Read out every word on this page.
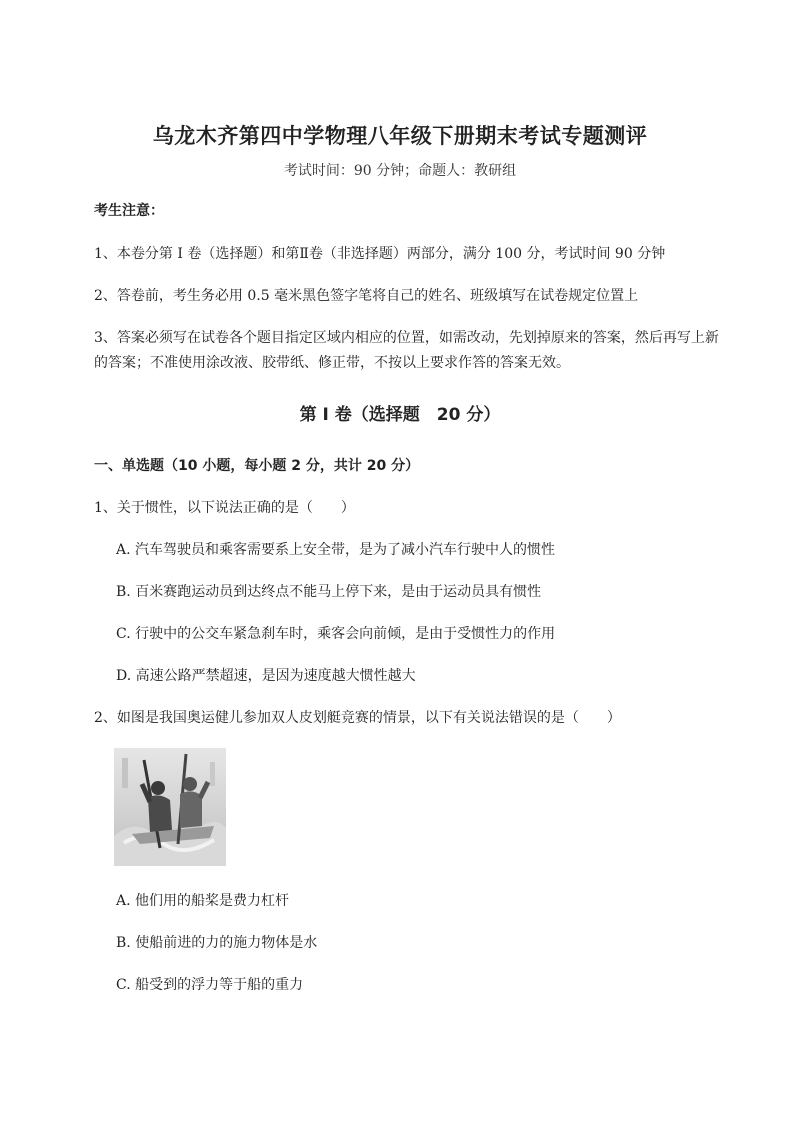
乌龙木齐第四中学物理八年级下册期末考试专题测评
考试时间：90 分钟；命题人：教研组
考生注意：
1、本卷分第 I 卷（选择题）和第Ⅱ卷（非选择题）两部分，满分 100 分，考试时间 90 分钟
2、答卷前，考生务必用 0.5 毫米黑色签字笔将自己的姓名、班级填写在试卷规定位置上
3、答案必须写在试卷各个题目指定区域内相应的位置，如需改动，先划掉原来的答案，然后再写上新
的答案；不准使用涂改液、胶带纸、修正带，不按以上要求作答的答案无效。
第 I 卷（选择题　20 分）
一、单选题（10 小题，每小题 2 分，共计 20 分）
1、关于惯性，以下说法正确的是（　　）
A. 汽车驾驶员和乘客需要系上安全带，是为了减小汽车行驶中人的惯性
B. 百米赛跑运动员到达终点不能马上停下来，是由于运动员具有惯性
C. 行驶中的公交车紧急刹车时，乘客会向前倾，是由于受惯性力的作用
D. 高速公路严禁超速，是因为速度越大惯性越大
2、如图是我国奥运健儿参加双人皮划艇竞赛的情景，以下有关说法错误的是（　　）
A. 他们用的船桨是费力杠杆
B. 使船前进的力的施力物体是水
C. 船受到的浮力等于船的重力
